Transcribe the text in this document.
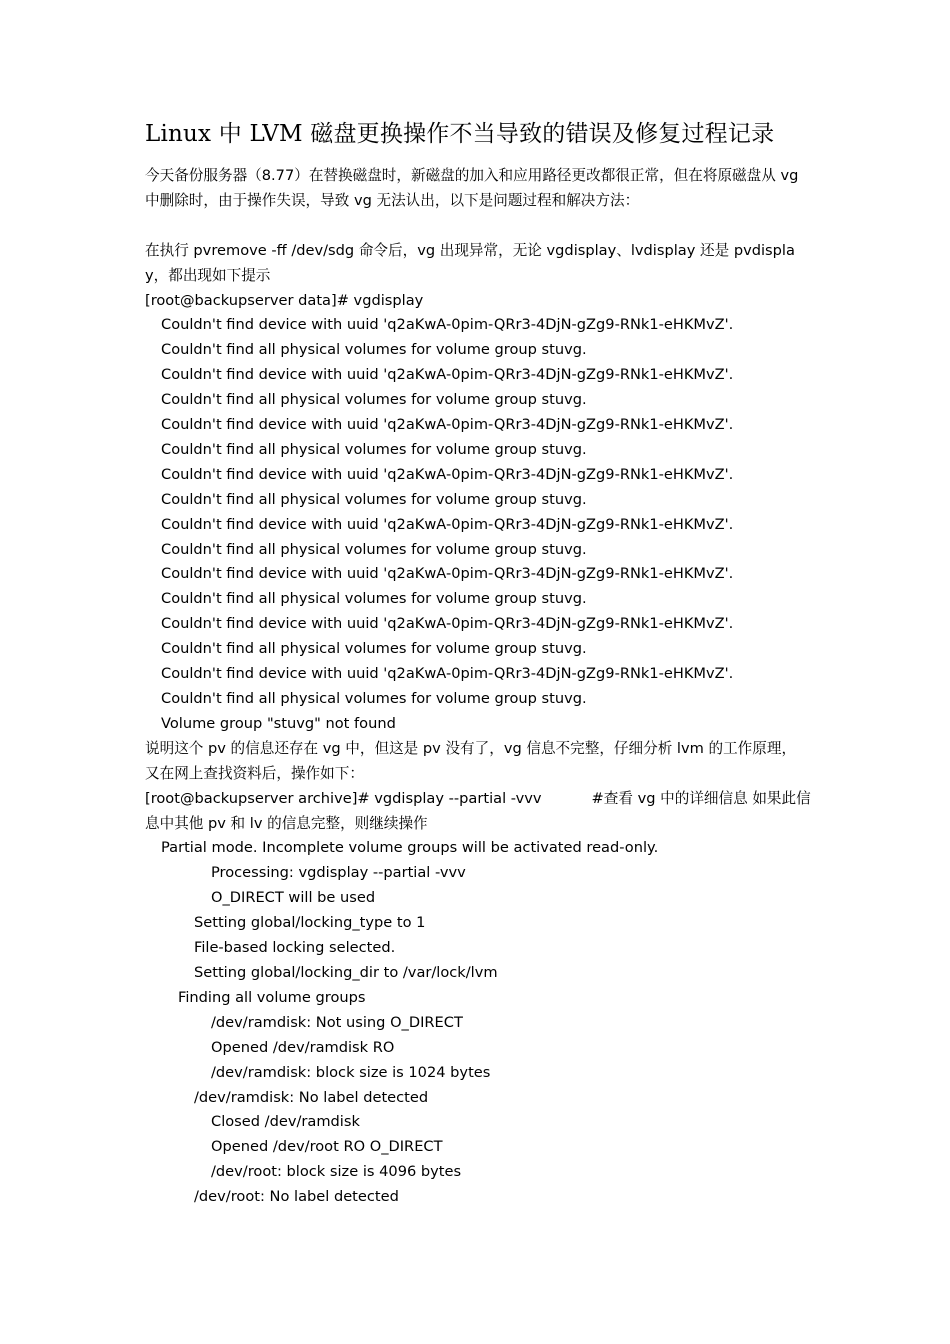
Linux 中 LVM 磁盘更换操作不当导致的错误及修复过程记录

今天备份服务器（8.77）在替换磁盘时，新磁盘的加入和应用路径更改都很正常，但在将原磁盘从 vg 中删除时，由于操作失误，导致 vg 无法认出，以下是问题过程和解决方法：

在执行 pvremove -ff /dev/sdg 命令后，vg 出现异常，无论 vgdisplay、lvdisplay 还是 pvdisplay，都出现如下提示

[root@backupserver data]# vgdisplay

Couldn't find device with uuid 'q2aKwA-0pim-QRr3-4DjN-gZg9-RNk1-eHKMvZ'.

Couldn't find all physical volumes for volume group stuvg.

Couldn't find device with uuid 'q2aKwA-0pim-QRr3-4DjN-gZg9-RNk1-eHKMvZ'.

Couldn't find all physical volumes for volume group stuvg.

Couldn't find device with uuid 'q2aKwA-0pim-QRr3-4DjN-gZg9-RNk1-eHKMvZ'.

Couldn't find all physical volumes for volume group stuvg.

Couldn't find device with uuid 'q2aKwA-0pim-QRr3-4DjN-gZg9-RNk1-eHKMvZ'.

Couldn't find all physical volumes for volume group stuvg.

Couldn't find device with uuid 'q2aKwA-0pim-QRr3-4DjN-gZg9-RNk1-eHKMvZ'.

Couldn't find all physical volumes for volume group stuvg.

Couldn't find device with uuid 'q2aKwA-0pim-QRr3-4DjN-gZg9-RNk1-eHKMvZ'.

Couldn't find all physical volumes for volume group stuvg.

Couldn't find device with uuid 'q2aKwA-0pim-QRr3-4DjN-gZg9-RNk1-eHKMvZ'.

Couldn't find all physical volumes for volume group stuvg.

Couldn't find device with uuid 'q2aKwA-0pim-QRr3-4DjN-gZg9-RNk1-eHKMvZ'.

Couldn't find all physical volumes for volume group stuvg.

Volume group "stuvg" not found

说明这个 pv 的信息还存在 vg 中，但这是 pv 没有了，vg 信息不完整，仔细分析 lvm 的工作原理，又在网上查找资料后，操作如下：

[root@backupserver archive]# vgdisplay --partial -vvv	#查看 vg 中的详细信息 如果此信

息中其他 pv 和 lv 的信息完整，则继续操作

Partial mode. Incomplete volume groups will be activated read-only.

Processing: vgdisplay --partial -vvv

O_DIRECT will be used

Setting global/locking_type to 1

File-based locking selected.

Setting global/locking_dir to /var/lock/lvm

Finding all volume groups

/dev/ramdisk: Not using O_DIRECT

Opened /dev/ramdisk RO

/dev/ramdisk: block size is 1024 bytes

/dev/ramdisk: No label detected

Closed /dev/ramdisk

Opened /dev/root RO O_DIRECT

/dev/root: block size is 4096 bytes

/dev/root: No label detected
